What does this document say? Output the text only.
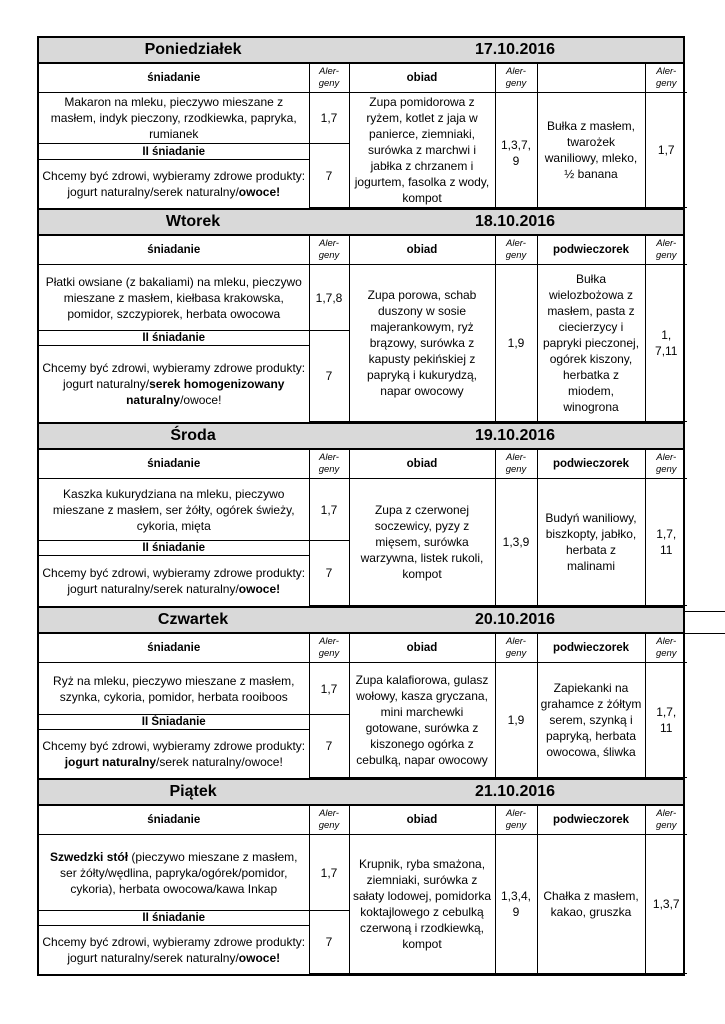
Poniedziałek	17.10.2016
śniadanie	Aler-geny	obiad	Aler-geny		Aler-geny
Makaron na mleku, pieczywo mieszane z masłem, indyk pieczony, rzodkiewka, papryka, rumianek	1,7	Zupa pomidorowa z ryżem, kotlet z jaja w panierce, ziemniaki, surówka z marchwi i jabłka z chrzanem i jogurtem, fasolka z wody, kompot	1,3,7, 9	Bułka z masłem, twarożek waniliowy, mleko, ½ banana	1,7
II śniadanie	7				
Chcemy być zdrowi, wybieramy zdrowe produkty: jogurt naturalny/serek naturalny/owoce!					
Wtorek	18.10.2016
śniadanie	Aler-geny	obiad	Aler-geny	podwieczorek	Aler-geny
Płatki owsiane (z bakaliami) na mleku, pieczywo mieszane z masłem, kiełbasa krakowska, pomidor, szczypiorek, herbata owocowa	1,7,8	Zupa porowa, schab duszony w sosie majerankowym, ryż brązowy, surówka z kapusty pekińskiej z papryką i kukurydzą, napar owocowy	1,9	Bułka wielozbożowa z masłem, pasta z ciecierzycy i papryki pieczonej, ogórek kiszony, herbatka z miodem, winogrona	1, 7,11
II śniadanie	7				
Chcemy być zdrowi, wybieramy zdrowe produkty: jogurt naturalny/serek homogenizowany naturalny/owoce!					
Środa	19.10.2016
śniadanie	Aler-geny	obiad	Aler-geny	podwieczorek	Aler-geny
Kaszka kukurydziana na mleku, pieczywo mieszane z masłem, ser żółty, ogórek świeży, cykoria, mięta	1,7	Zupa z czerwonej soczewicy, pyzy z mięsem, surówka warzywna, listek rukoli, kompot	1,3,9	Budyń waniliowy, biszkopty, jabłko, herbata z malinami	1,7, 11
II śniadanie	7				
Chcemy być zdrowi, wybieramy zdrowe produkty: jogurt naturalny/serek naturalny/owoce!					
Czwartek	20.10.2016
śniadanie	Aler-geny	obiad	Aler-geny	podwieczorek	Aler-geny
Ryż na mleku, pieczywo mieszane z masłem, szynka, cykoria, pomidor, herbata rooiboos	1,7	Zupa kalafiorowa, gulasz wołowy, kasza gryczana, mini marchewki gotowane, surówka z kiszonego ogórka z cebulką, napar owocowy	1,9	Zapiekanki na grahamce z żółtym serem, szynką i papryką, herbata owocowa, śliwka	1,7, 11
II Śniadanie	7				
Chcemy być zdrowi, wybieramy zdrowe produkty: jogurt naturalny/serek naturalny/owoce!					
Piątek	21.10.2016
śniadanie	Aler-geny	obiad	Aler-geny	podwieczorek	Aler-geny
Szwedzki stół (pieczywo mieszane z masłem, ser żółty/wędlina, papryka/ogórek/pomidor, cykoria), herbata owocowa/kawa Inkap	1,7	Krupnik, ryba smażona, ziemniaki, surówka z sałaty lodowej, pomidorka koktajlowego z cebulką czerwoną i rzodkiewką, kompot	1,3,4, 9	Chałka z masłem, kakao, gruszka	1,3,7
II śniadanie	7				
Chcemy być zdrowi, wybieramy zdrowe produkty: jogurt naturalny/serek naturalny/owoce!					
